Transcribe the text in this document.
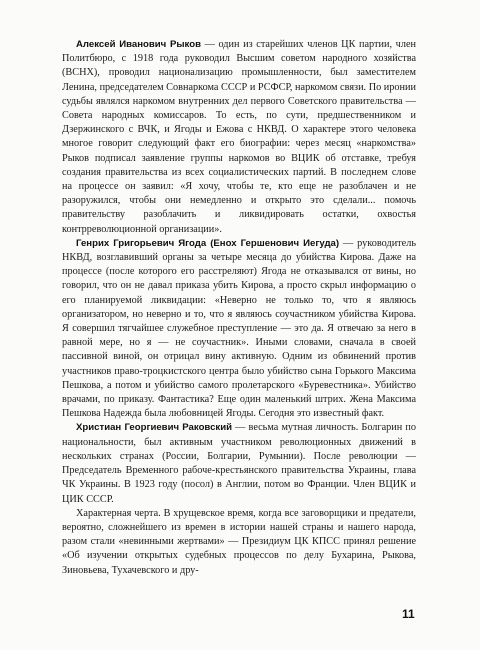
Алексей Иванович Рыков — один из старейших членов ЦК партии, член Политбюро, с 1918 года руководил Высшим советом народного хозяйства (ВСНХ), проводил национализацию промышленности, был заместителем Ленина, председателем Совнаркома СССР и РСФСР, наркомом связи. По иронии судьбы являлся наркомом внутренних дел первого Советского правительства — Совета народных комиссаров. То есть, по сути, предшественником и Дзержинского с ВЧК, и Ягоды и Ежова с НКВД. О характере этого человека многое говорит следующий факт его биографии: через месяц «наркомства» Рыков подписал заявление группы наркомов во ВЦИК об отставке, требуя создания правительства из всех социалистических партий. В последнем слове на процессе он заявил: «Я хочу, чтобы те, кто еще не разоблачен и не разоружился, чтобы они немедленно и открыто это сделали... помочь правительству разоблачить и ликвидировать остатки, охвостья контрреволюционной организации».

Генрих Григорьевич Ягода (Енох Гершенович Иегуда) — руководитель НКВД, возглавивший органы за четыре месяца до убийства Кирова. Даже на процессе (после которого его расстреляют) Ягода не отказывался от вины, но говорил, что он не давал приказа убить Кирова, а просто скрыл информацию о его планируемой ликвидации: «Неверно не только то, что я являюсь организатором, но неверно и то, что я являюсь соучастником убийства Кирова. Я совершил тягчайшее служебное преступление — это да. Я отвечаю за него в равной мере, но я — не соучастник». Иными словами, сначала в своей пассивной виной, он отрицал вину активную. Одним из обвинений против участников право-троцкистского центра было убийство сына Горького Максима Пешкова, а потом и убийство самого пролетарского «Буревестника». Убийство врачами, по приказу. Фантастика? Еще один маленький штрих. Жена Максима Пешкова Надежда была любовницей Ягоды. Сегодня это известный факт.

Христиан Георгиевич Раковский — весьма мутная личность. Болгарин по национальности, был активным участником революционных движений в нескольких странах (России, Болгарии, Румынии). После революции — Председатель Временного рабоче-крестьянского правительства Украины, глава ЧК Украины. В 1923 году (посол) в Англии, потом во Франции. Член ВЦИК и ЦИК СССР.

Характерная черта. В хрущевское время, когда все заговорщики и предатели, вероятно, сложнейшего из времен в истории нашей страны и нашего народа, разом стали «невинными жертвами» — Президиум ЦК КПСС принял решение «Об изучении открытых судебных процессов по делу Бухарина, Рыкова, Зиновьева, Тухачевского и дру-

11
